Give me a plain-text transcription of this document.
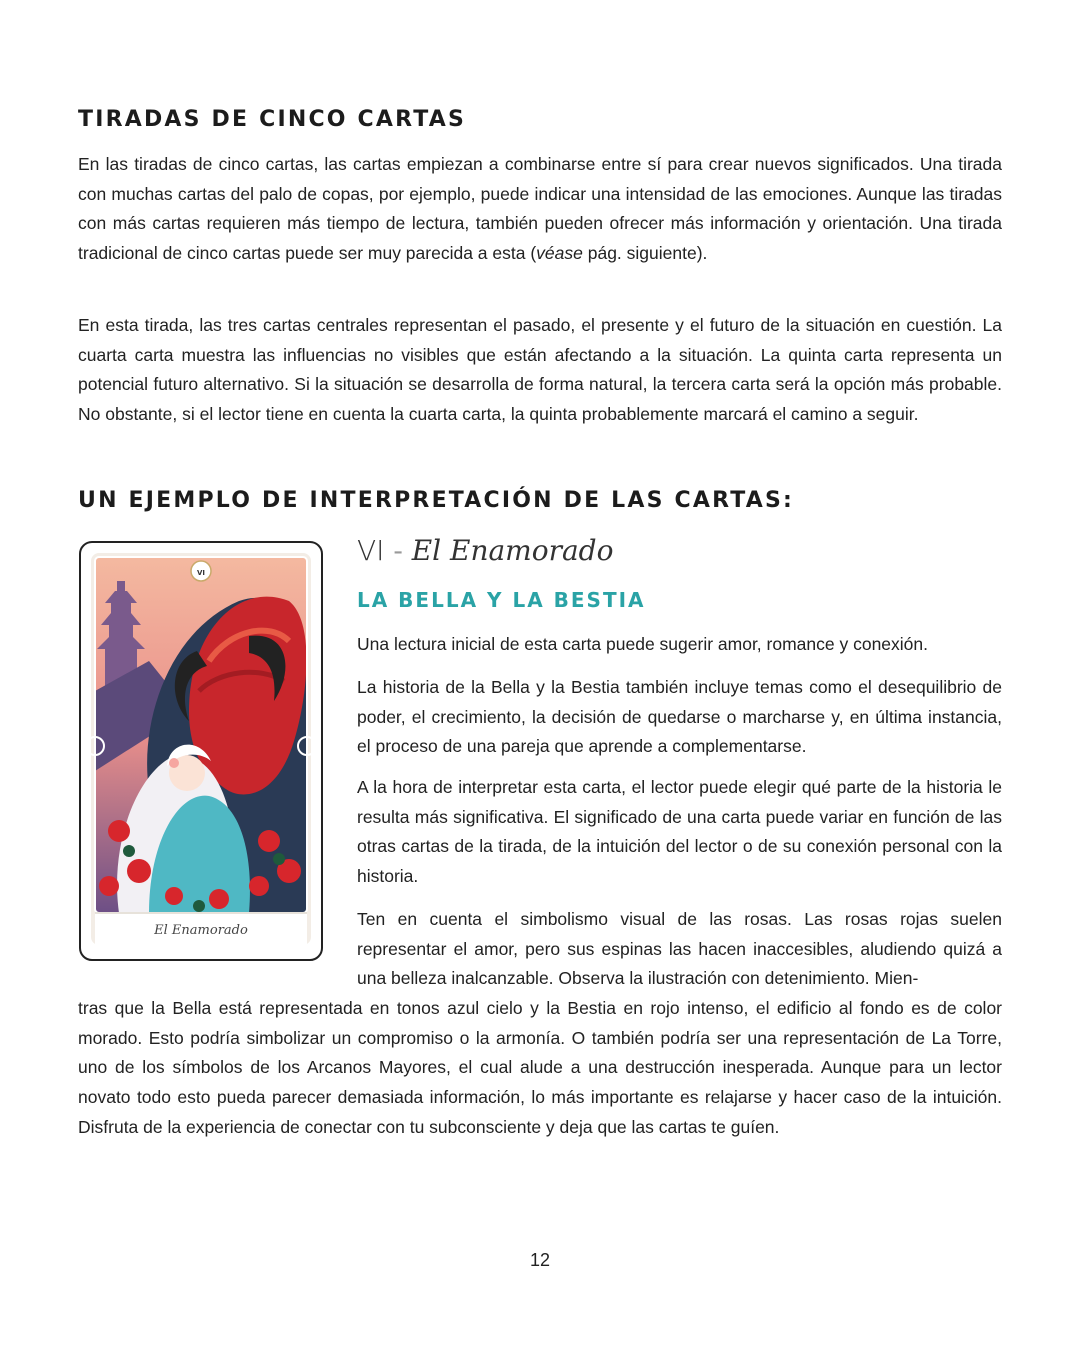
TIRADAS DE CINCO CARTAS

En las tiradas de cinco cartas, las cartas empiezan a combinarse entre sí para crear nuevos significados. Una tirada con muchas cartas del palo de copas, por ejemplo, puede indicar una intensidad de las emociones. Aunque las tiradas con más cartas requieren más tiempo de lectura, también pueden ofrecer más información y orientación. Una tirada tradicional de cinco cartas puede ser muy parecida a esta (véase pág. siguiente).

En esta tirada, las tres cartas centrales representan el pasado, el presente y el futuro de la situación en cuestión. La cuarta carta muestra las influencias no visibles que están afectando a la situación. La quinta carta representa un potencial futuro alternativo. Si la situación se desarrolla de forma natural, la tercera carta será la opción más probable. No obstante, si el lector tiene en cuenta la cuarta carta, la quinta probablemente marcará el camino a seguir.

UN EJEMPLO DE INTERPRETACIÓN DE LAS CARTAS:
VI
El Enamorado
VI - El Enamorado
LA BELLA Y LA BESTIA

Una lectura inicial de esta carta puede sugerir amor, romance y conexión.

La historia de la Bella y la Bestia también incluye temas como el desequilibrio de poder, el crecimiento, la decisión de quedarse o marcharse y, en última instancia, el proceso de una pareja que aprende a complementarse.

A la hora de interpretar esta carta, el lector puede elegir qué parte de la historia le resulta más significativa. El significado de una carta puede variar en función de las otras cartas de la tirada, de la intuición del lector o de su conexión personal con la historia.

Ten en cuenta el simbolismo visual de las rosas. Las rosas rojas suelen representar el amor, pero sus espinas las hacen inaccesibles, aludiendo quizá a una belleza inalcanzable. Observa la ilustración con detenimiento. Mien-

tras que la Bella está representada en tonos azul cielo y la Bestia en rojo intenso, el edificio al fondo es de color morado. Esto podría simbolizar un compromiso o la armonía. O también podría ser una representación de La Torre, uno de los símbolos de los Arcanos Mayores, el cual alude a una destrucción inesperada. Aunque para un lector novato todo esto pueda parecer demasiada información, lo más importante es relajarse y hacer caso de la intuición. Disfruta de la experiencia de conectar con tu subconsciente y deja que las cartas te guíen.

12
